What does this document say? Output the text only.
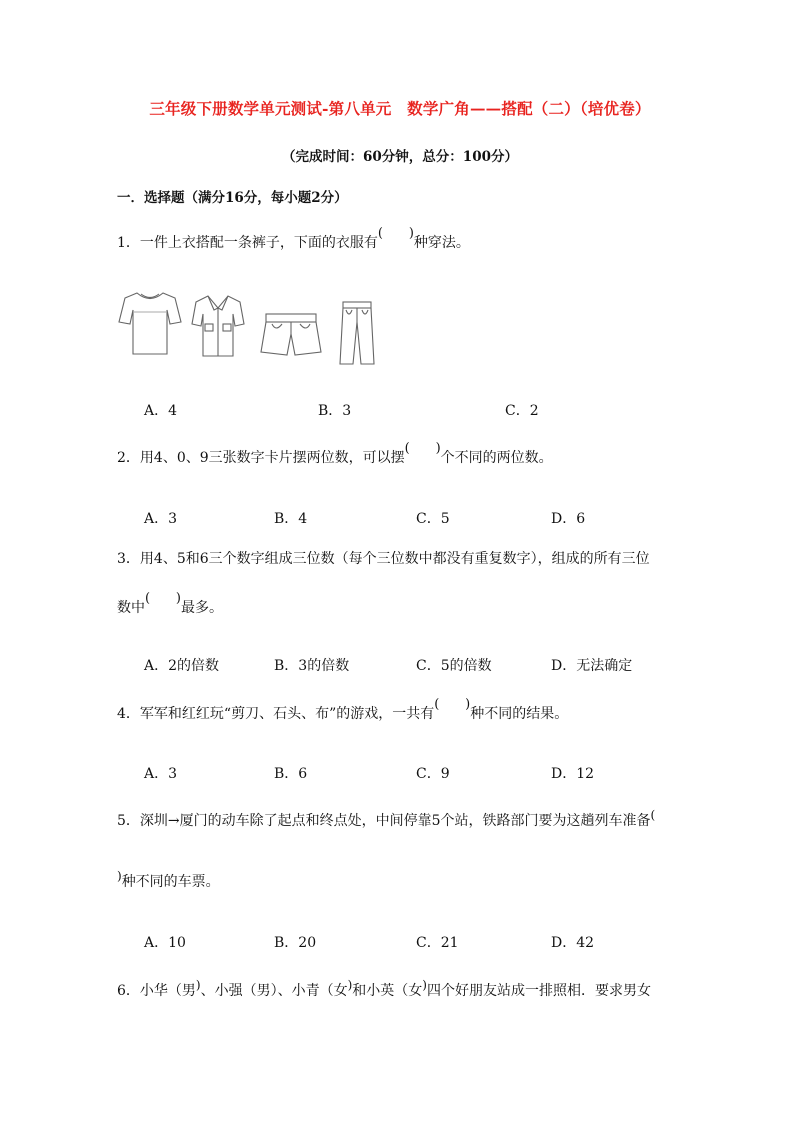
三年级下册数学单元测试-第八单元　数学广角——搭配（二）（培优卷）
（完成时间：60分钟，总分：100分）
一．选择题（满分16分，每小题2分）
1．一件上衣搭配一条裤子，下面的衣服有
( )
种穿法。
A．4	B．3	C．2
2．用4、0、9三张数字卡片摆两位数，可以摆
( )
个不同的两位数。
A．3	B．4	C．5	D．6
3．用4、5和6三个数字组成三位数（每个三位数中都没有重复数字），组成的所有三位
数中
( )
最多。
A．2的倍数	B．3的倍数	C．5的倍数	D．无法确定
4．军军和红红玩“剪刀、石头、布”的游戏，一共有
( )
种不同的结果。
A．3	B．6	C．9	D．12
5．深圳→厦门的动车除了起点和终点处，中间停靠5个站，铁路部门要为这趟列车准备(
)种不同的车票。
A．10	B．20	C．21	D．42
6．小华（男)、小强（男）、小青（女)和小英（女)四个好朋友站成一排照相．要求男女
